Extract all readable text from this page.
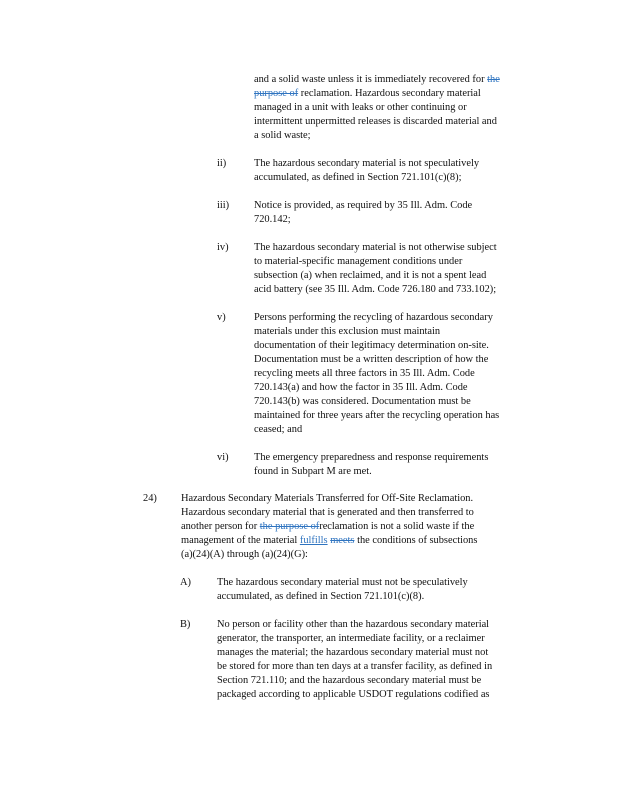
and a solid waste unless it is immediately recovered for the
purpose of reclamation. Hazardous secondary material
managed in a unit with leaks or other continuing or
intermittent unpermitted releases is discarded material and
a solid waste;
ii)	The hazardous secondary material is not speculatively
accumulated, as defined in Section 721.101(c)(8);
iii) Notice is provided, as required by 35 Ill. Adm. Code
720.142;
iv) The hazardous secondary material is not otherwise subject
to material-specific management conditions under
subsection (a) when reclaimed, and it is not a spent lead
acid battery (see 35 Ill. Adm. Code 726.180 and 733.102);
v)	Persons performing the recycling of hazardous secondary
materials under this exclusion must maintain
documentation of their legitimacy determination on-site.
Documentation must be a written description of how the
recycling meets all three factors in 35 Ill. Adm. Code
720.143(a) and how the factor in 35 Ill. Adm. Code
720.143(b) was considered. Documentation must be
maintained for three years after the recycling operation has
ceased; and
vi) The emergency preparedness and response requirements
found in Subpart M are met.
24) Hazardous Secondary Materials Transferred for Off-Site Reclamation.
Hazardous secondary material that is generated and then transferred to
another person for the purpose ofreclamation is not a solid waste if the
management of the material fulfills meets the conditions of subsections
(a)(24)(A) through (a)(24)(G):
A)	The hazardous secondary material must not be speculatively
accumulated, as defined in Section 721.101(c)(8).
B)	No person or facility other than the hazardous secondary material
generator, the transporter, an intermediate facility, or a reclaimer
manages the material; the hazardous secondary material must not
be stored for more than ten days at a transfer facility, as defined in
Section 721.110; and the hazardous secondary material must be
packaged according to applicable USDOT regulations codified as
